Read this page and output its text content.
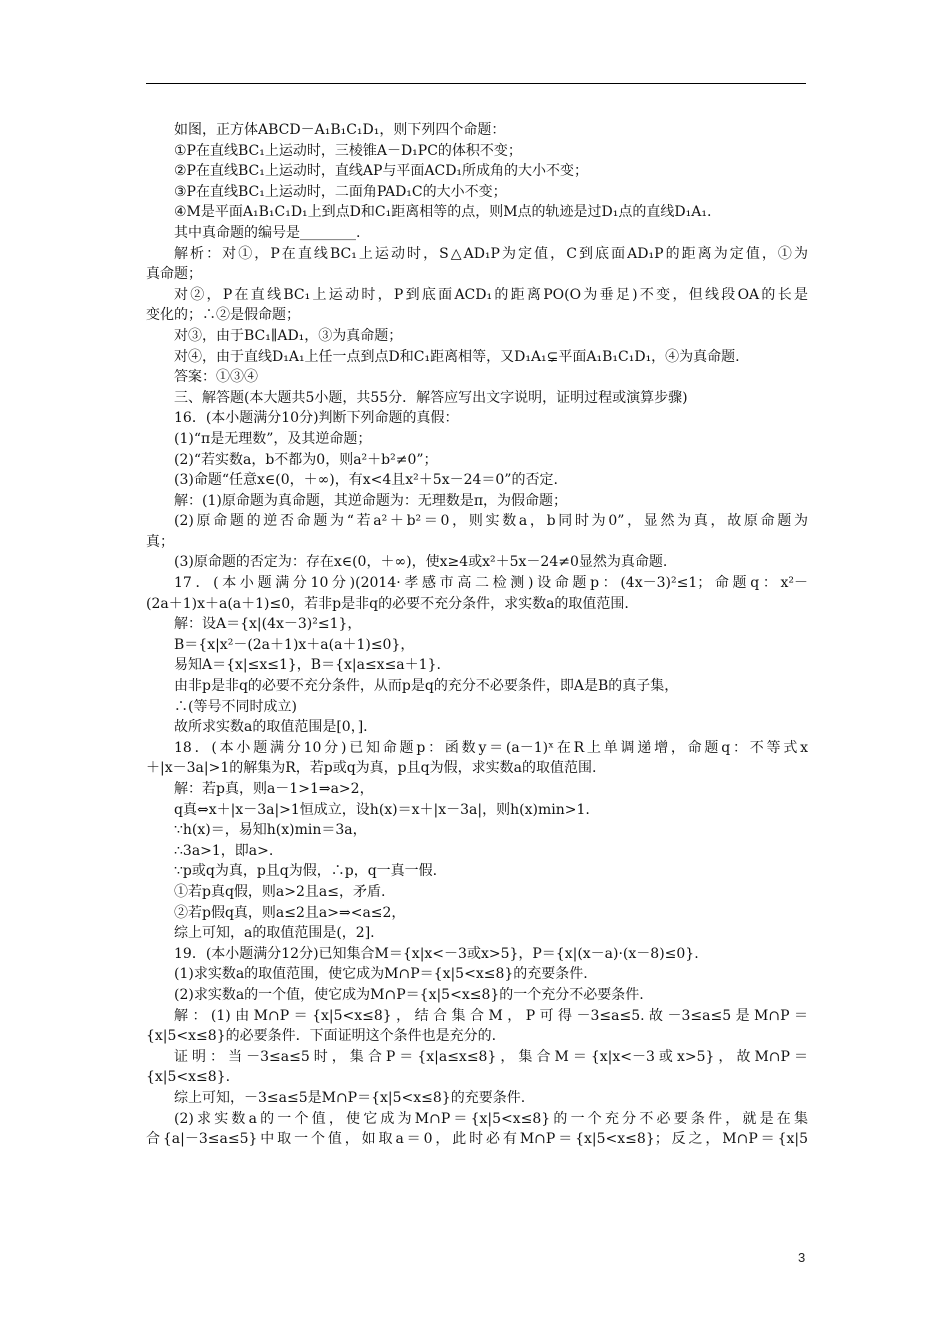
如图，正方体ABCD－A₁B₁C₁D₁，则下列四个命题：
①P在直线BC₁上运动时，三棱锥A－D₁PC的体积不变；
②P在直线BC₁上运动时，直线AP与平面ACD₁所成角的大小不变；
③P在直线BC₁上运动时，二面角PAD₁C的大小不变；
④M是平面A₁B₁C₁D₁上到点D和C₁距离相等的点，则M点的轨迹是过D₁点的直线D₁A₁.
其中真命题的编号是________.
解析：对①，P在直线BC₁上运动时，S△AD₁P为定值，C到底面AD₁P的距离为定值，①为
真命题；
对②，P在直线BC₁上运动时，P到底面ACD₁的距离PO(O为垂足)不变，但线段OA的长是
变化的；∴②是假命题；
对③，由于BC₁∥AD₁，③为真命题；
对④，由于直线D₁A₁上任一点到点D和C₁距离相等，又D₁A₁⊊平面A₁B₁C₁D₁，④为真命题.
答案：①③④
三、解答题(本大题共5小题，共55分．解答应写出文字说明，证明过程或演算步骤)
16．(本小题满分10分)判断下列命题的真假：
(1)“π是无理数”，及其逆命题；
(2)“若实数a，b不都为0，则a²＋b²≠0”；
(3)命题“任意x∈(0，＋∞)，有x<4且x²＋5x－24＝0”的否定.
解：(1)原命题为真命题，其逆命题为：无理数是π，为假命题；
(2)原命题的逆否命题为“若a²＋b²＝0，则实数a，b同时为0”，显然为真，故原命题为
真；
(3)原命题的否定为：存在x∈(0，＋∞)，使x≥4或x²＋5x－24≠0显然为真命题.
17．(本小题满分10分)(2014·孝感市高二检测)设命题p：(4x－3)²≤1；命题q：x²－
(2a＋1)x＋a(a＋1)≤0，若非p是非q的必要不充分条件，求实数a的取值范围.
解：设A＝{x|(4x－3)²≤1}，
B＝{x|x²－(2a＋1)x＋a(a＋1)≤0}，
易知A＝{x|≤x≤1}，B＝{x|a≤x≤a＋1}.
由非p是非q的必要不充分条件，从而p是q的充分不必要条件，即A是B的真子集，
∴(等号不同时成立)
故所求实数a的取值范围是[0，].
18．(本小题满分10分)已知命题p：函数y＝(a－1)ˣ在R上单调递增，命题q：不等式x
＋|x－3a|>1的解集为R，若p或q为真，p且q为假，求实数a的取值范围.
解：若p真，则a－1>1⇒a>2，
q真⇔x＋|x－3a|>1恒成立，设h(x)＝x＋|x－3a|，则h(x)min>1.
∵h(x)＝，易知h(x)min＝3a，
∴3a>1，即a>.
∵p或q为真，p且q为假，∴p，q一真一假.
①若p真q假，则a>2且a≤，矛盾.
②若p假q真，则a≤2且a>⇒<a≤2，
综上可知，a的取值范围是(，2].
19．(本小题满分12分)已知集合M＝{x|x<－3或x>5}，P＝{x|(x－a)·(x－8)≤0}.
(1)求实数a的取值范围，使它成为M∩P＝{x|5<x≤8}的充要条件.
(2)求实数a的一个值，使它成为M∩P＝{x|5<x≤8}的一个充分不必要条件.
解：(1)由M∩P＝{x|5<x≤8}，结合集合M，P可得－3≤a≤5.故－3≤a≤5是M∩P＝
{x|5<x≤8}的必要条件．下面证明这个条件也是充分的.
证明：当－3≤a≤5时，集合P＝{x|a≤x≤8}，集合M＝{x|x<－3或x>5}，故M∩P＝
{x|5<x≤8}.
综上可知，－3≤a≤5是M∩P＝{x|5<x≤8}的充要条件.
(2)求实数a的一个值，使它成为M∩P＝{x|5<x≤8}的一个充分不必要条件，就是在集
合{a|－3≤a≤5}中取一个值，如取a＝0，此时必有M∩P＝{x|5<x≤8}；反之，M∩P＝{x|5
3
